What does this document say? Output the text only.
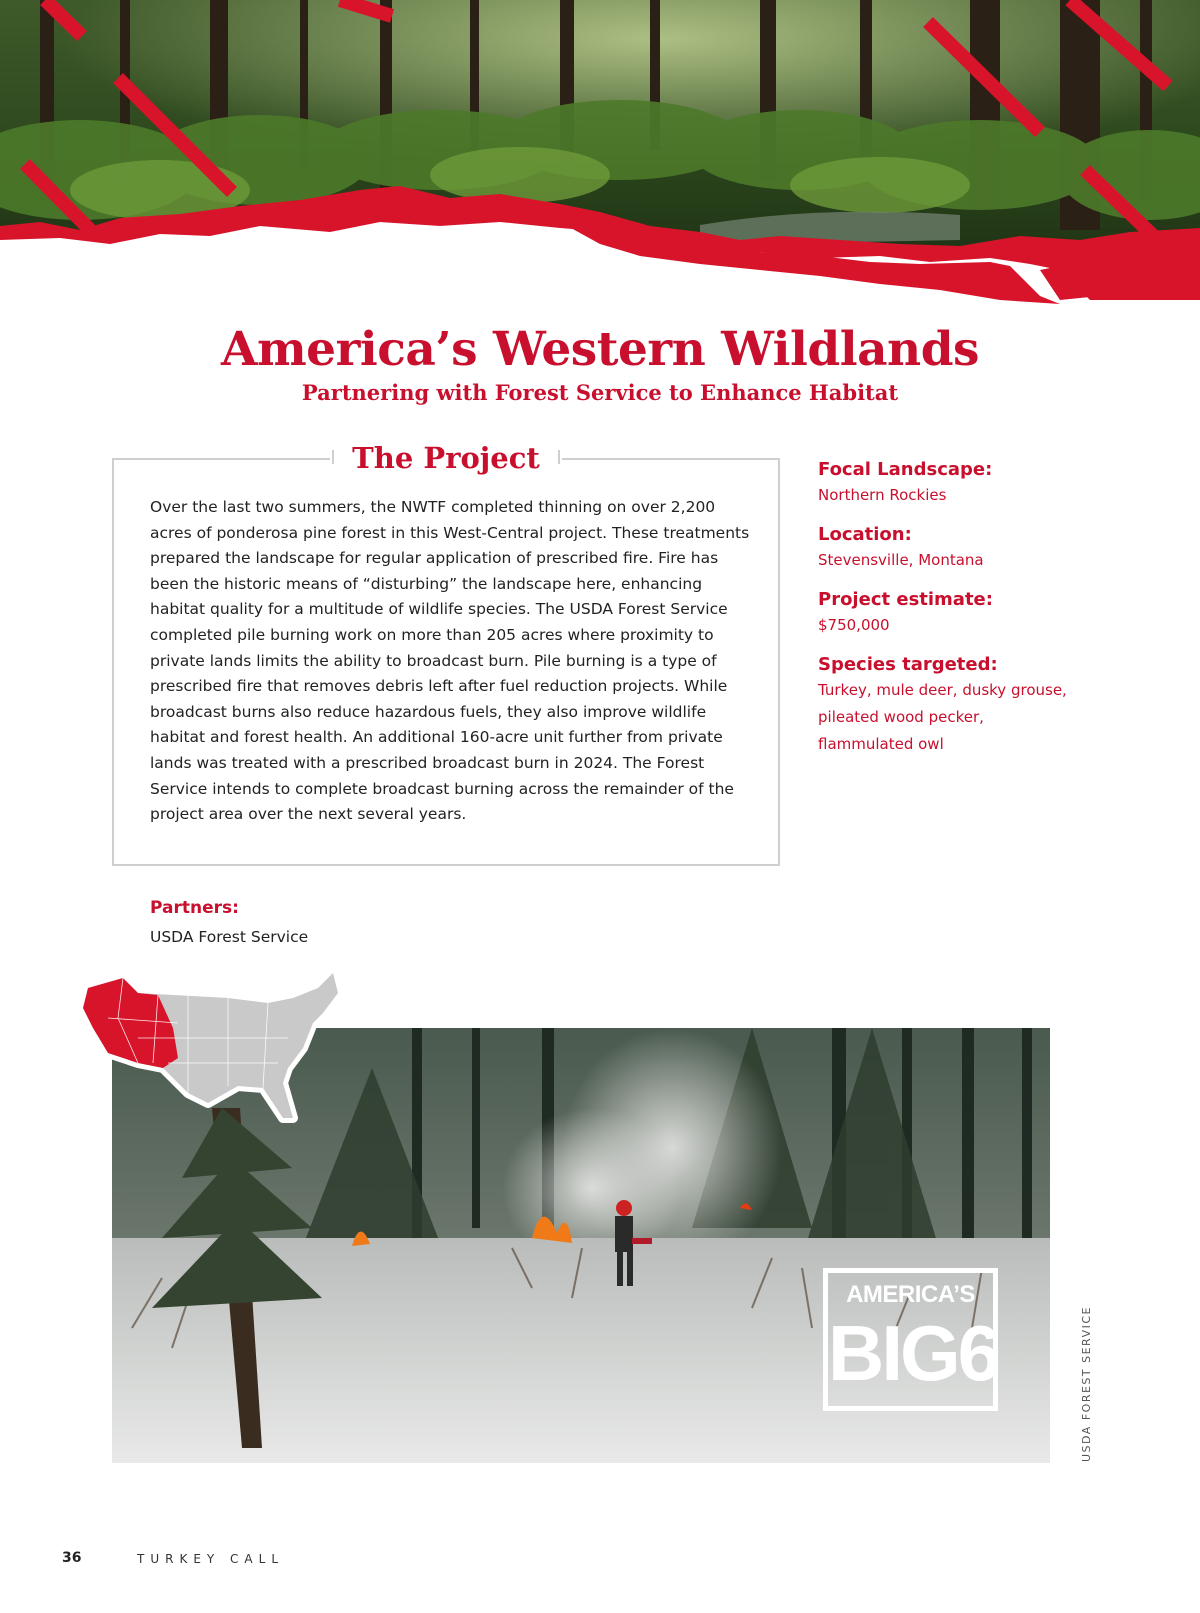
America’s Western Wildlands
Partnering with Forest Service to Enhance Habitat
The Project
Over the last two summers, the NWTF completed thinning on over 2,200 acres of ponderosa pine forest in this West-Central project. These treatments prepared the landscape for regular application of prescribed fire. Fire has been the historic means of “disturbing” the landscape here, enhancing habitat quality for a multitude of wildlife species. The USDA Forest Service completed pile burning work on more than 205 acres where proximity to private lands limits the ability to broadcast burn. Pile burning is a type of prescribed fire that removes debris left after fuel reduction projects. While broadcast burns also reduce hazardous fuels, they also improve wildlife habitat and forest health. An additional 160-acre unit further from private lands was treated with a prescribed broadcast burn in 2024. The Forest Service intends to complete broadcast burning across the remainder of the project area over the next several years.
Focal Landscape:
Northern Rockies
Location:
Stevensville, Montana
Project estimate:
$750,000
Species targeted:
Turkey, mule deer, dusky grouse, pileated wood pecker, flammulated owl
Partners:
USDA Forest Service
AMERICA’S
BIG6	USDA FOREST SERVICE
36	TURKEY CALL
